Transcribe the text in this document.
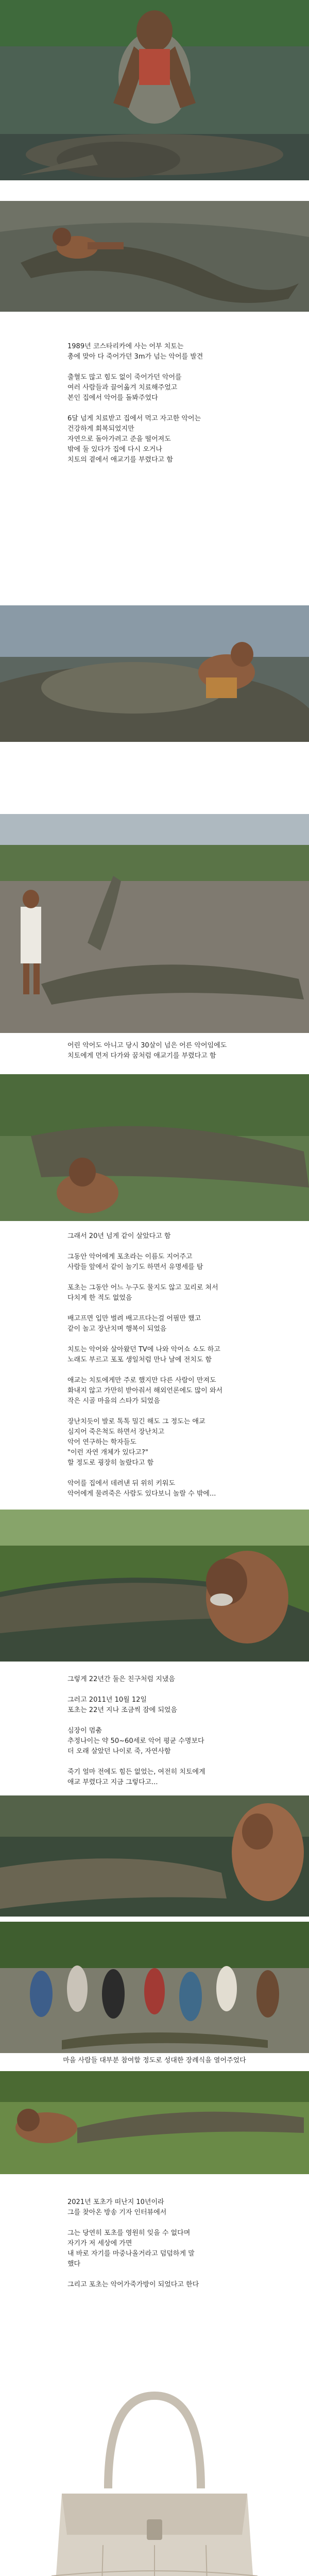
1989년 코스타리카에 사는 어부 치토는

총에 맞아 다 죽어가던 3m가 넘는 악어를 발견

출혈도 많고 힘도 없이 죽어가던 악어를

여러 사람들과 끌어옮겨 치료해주었고

본인 집에서 악어를 돌봐주었다

6달 넘게 치료받고 집에서 먹고 자고한 악어는

건강하게 회복되었지만

자연으로 돌아가려고 준을 떨어져도

밖에 둘 있다가 집에 다시 오거나

치토의 곁에서 애교기를 부렸다고 함

어린 악어도 아니고 당시 30살이 넘은 어른 악어임에도

치토에게 먼저 다가와 꿈처럼 애교기를 부렸다고 함

그래서 20년 넘게 같이 살았다고 함

그동안 악어에게 포초라는 이름도 지어주고

사람들 앞에서 같이 놀기도 하면서 유명세를 탐

포초는 그동안 어느 누구도 물지도 않고 꼬리로 쳐서

다치게 한 적도 없었음

배고프면 입만 벌려 배고프다는걸 어필만 했고

같이 놀고 장난치며 행복이 되었음

치토는 악어와 살아왔던 TV에 나와 악어쇼 쇼도 하고

노래도 부르고 포포 생일처럼 만나 날에 전치도 함

애교는 치토에게만 주로 했지만 다른 사람이 만져도

화내지 않고 가만히 받아줘서 해외언론에도 많이 와서

작은 시골 마을의 스타가 되었음

장난치듯이 발로 톡톡 밀긴 해도 그 정도는 애교

심지어 죽은척도 하면서 장난치고

악어 연구하는 학자들도

"이런 자연 개체가 있다고?"

할 정도로 굉장히 놀랐다고 함

악어를 집에서 데려낸 뒤 위히 키워도

악어에게 물려죽은 사람도 있다보니 놀랄 수 밖에...

그렇게 22년간 둘은 친구처럼 지냈음

그러고 2011년 10월 12일

포초는 22년 지나 조금씩 잠에 되었음

심장이 멈춤

추정나이는 약 50~60세로 악어 평균 수명보다

더 오래 살았던 나이로 죽, 자연사함

죽기 얼마 전에도 힘든 없었는, 여전히 치토에게

애교 부렸다고 지금 그렇다고...

마을 사람들 대부분 참여할 정도로 성대한 장례식을 열어주었다

2021년 포초가 떠난지 10년이라

그를 찾아온 방송 기자 인터뷰에서

그는 당연히 포초를 영원히 잊을 수 없다며

자기가 저 세상에 가면

내 바로 자기를 마중나올거라고 덤덤하게 말

했다

그리고 포초는 악어가죽가방이 되었다고 한다
